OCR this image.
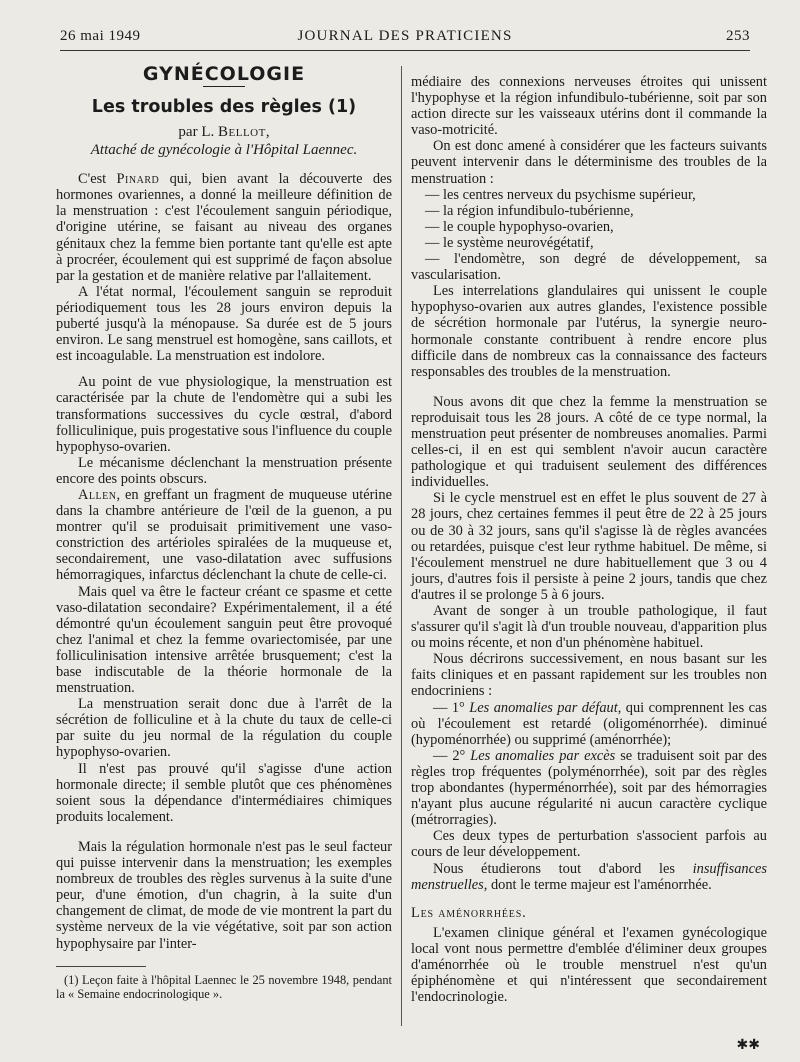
26 mai 1949	JOURNAL DES PRATICIENS	253
GYNÉCOLOGIE
Les troubles des règles (1)
par L. Bellot,
Attaché de gynécologie à l'Hôpital Laennec.

C'est Pinard qui, bien avant la découverte des hormones ovariennes, a donné la meilleure définition de la menstruation : c'est l'écoulement sanguin périodique, d'origine utérine, se faisant au niveau des organes génitaux chez la femme bien portante tant qu'elle est apte à procréer, écoulement qui est supprimé de façon absolue par la gestation et de manière relative par l'allaitement.

A l'état normal, l'écoulement sanguin se reproduit périodiquement tous les 28 jours environ depuis la puberté jusqu'à la ménopause. Sa durée est de 5 jours environ. Le sang menstruel est homogène, sans caillots, et est incoagulable. La menstruation est indolore.

Au point de vue physiologique, la menstruation est caractérisée par la chute de l'endomètre qui a subi les transformations successives du cycle œstral, d'abord folliculinique, puis progestative sous l'influence du couple hypophyso-ovarien.

Le mécanisme déclenchant la menstruation présente encore des points obscurs.

Allen, en greffant un fragment de muqueuse utérine dans la chambre antérieure de l'œil de la guenon, a pu montrer qu'il se produisait primitivement une vaso-constriction des artérioles spiralées de la muqueuse et, secondairement, une vaso-dilatation avec suffusions hémorragiques, infarctus déclenchant la chute de celle-ci.

Mais quel va être le facteur créant ce spasme et cette vaso-dilatation secondaire? Expérimentalement, il a été démontré qu'un écoulement sanguin peut être provoqué chez l'animal et chez la femme ovariectomisée, par une folliculinisation intensive arrêtée brusquement; c'est la base indiscutable de la théorie hormonale de la menstruation.

La menstruation serait donc due à l'arrêt de la sécrétion de folliculine et à la chute du taux de celle-ci par suite du jeu normal de la régulation du couple hypophyso-ovarien.

Il n'est pas prouvé qu'il s'agisse d'une action hormonale directe; il semble plutôt que ces phénomènes soient sous la dépendance d'intermédiaires chimiques produits localement.

Mais la régulation hormonale n'est pas le seul facteur qui puisse intervenir dans la menstruation; les exemples nombreux de troubles des règles survenus à la suite d'une peur, d'une émotion, d'un chagrin, à la suite d'un changement de climat, de mode de vie montrent la part du système nerveux de la vie végétative, soit par son action hypophysaire par l'inter-

(1) Leçon faite à l'hôpital Laennec le 25 novembre 1948, pendant la « Semaine endocrinologique ».

médiaire des connexions nerveuses étroites qui unissent l'hypophyse et la région infundibulo-tubérienne, soit par son action directe sur les vaisseaux utérins dont il commande la vaso-motricité.

On est donc amené à considérer que les facteurs suivants peuvent intervenir dans le déterminisme des troubles de la menstruation :

— les centres nerveux du psychisme supérieur,

— la région infundibulo-tubérienne,

— le couple hypophyso-ovarien,

— le système neurovégétatif,

— l'endomètre, son degré de développement, sa vascularisation.

Les interrelations glandulaires qui unissent le couple hypophyso-ovarien aux autres glandes, l'existence possible de sécrétion hormonale par l'utérus, la synergie neuro-hormonale constante contribuent à rendre encore plus difficile dans de nombreux cas la connaissance des facteurs responsables des troubles de la menstruation.

Nous avons dit que chez la femme la menstruation se reproduisait tous les 28 jours. A côté de ce type normal, la menstruation peut présenter de nombreuses anomalies. Parmi celles-ci, il en est qui semblent n'avoir aucun caractère pathologique et qui traduisent seulement des différences individuelles.

Si le cycle menstruel est en effet le plus souvent de 27 à 28 jours, chez certaines femmes il peut être de 22 à 25 jours ou de 30 à 32 jours, sans qu'il s'agisse là de règles avancées ou retardées, puisque c'est leur rythme habituel. De même, si l'écoulement menstruel ne dure habituellement que 3 ou 4 jours, d'autres fois il persiste à peine 2 jours, tandis que chez d'autres il se prolonge 5 à 6 jours.

Avant de songer à un trouble pathologique, il faut s'assurer qu'il s'agit là d'un trouble nouveau, d'apparition plus ou moins récente, et non d'un phénomène habituel.

Nous décrirons successivement, en nous basant sur les faits cliniques et en passant rapidement sur les troubles non endocriniens :

— 1° Les anomalies par défaut, qui comprennent les cas où l'écoulement est retardé (oligoménorrhée). diminué (hypoménorrhée) ou supprimé (aménorrhée);

— 2° Les anomalies par excès se traduisent soit par des règles trop fréquentes (polyménorrhée), soit par des règles trop abondantes (hyperménorrhée), soit par des hémorragies n'ayant plus aucune régularité ni aucun caractère cyclique (métrorragies).

Ces deux types de perturbation s'associent parfois au cours de leur développement.

Nous étudierons tout d'abord les insuffisances menstruelles, dont le terme majeur est l'aménorrhée.

Les aménorrhées.

L'examen clinique général et l'examen gynécologique local vont nous permettre d'emblée d'éliminer deux groupes d'aménorrhée où le trouble menstruel n'est qu'un épiphénomène et qui n'intéressent que secondairement l'endocrinologie.

✱✱
